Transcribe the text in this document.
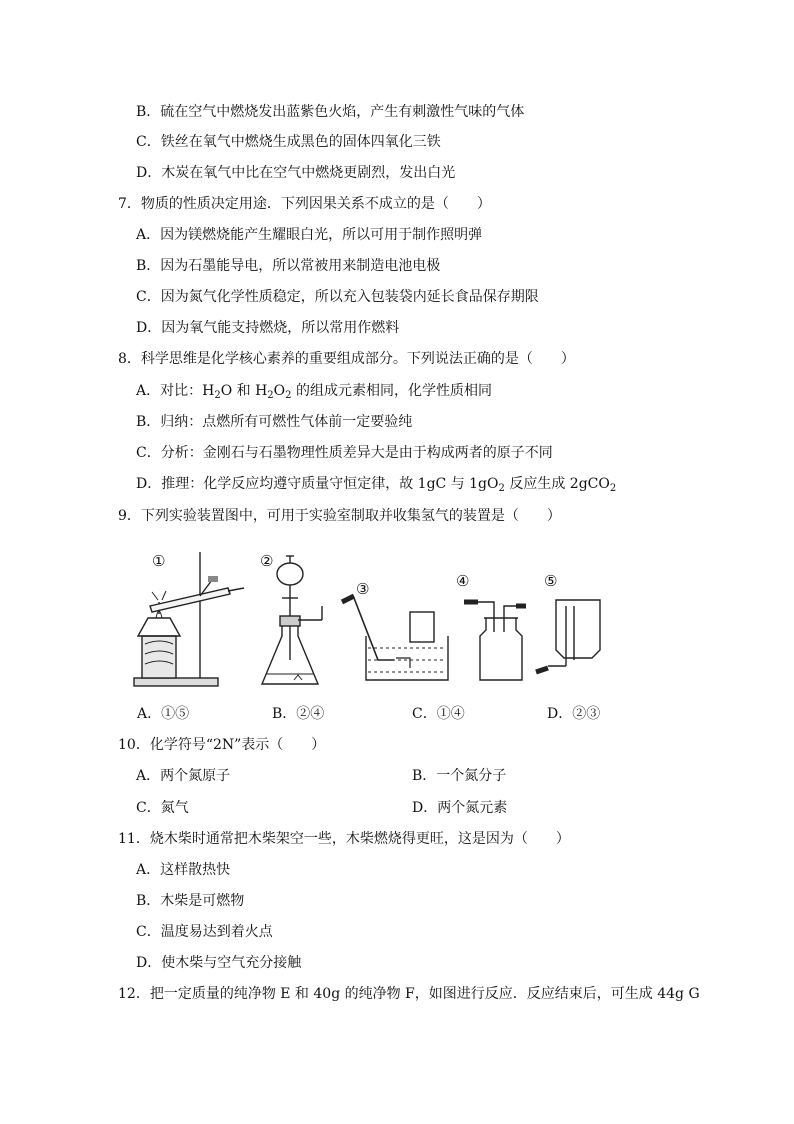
B．硫在空气中燃烧发出蓝紫色火焰，产生有刺激性气味的气体
C．铁丝在氧气中燃烧生成黑色的固体四氧化三铁
D．木炭在氧气中比在空气中燃烧更剧烈，发出白光
7．物质的性质决定用途．下列因果关系不成立的是（　　）
A．因为镁燃烧能产生耀眼白光，所以可用于制作照明弹
B．因为石墨能导电，所以常被用来制造电池电极
C．因为氮气化学性质稳定，所以充入包装袋内延长食品保存期限
D．因为氧气能支持燃烧，所以常用作燃料
8．科学思维是化学核心素养的重要组成部分。下列说法正确的是（　　）
A．对比：$H_2O$ 和 $H_2O_2$ 的组成元素相同，化学性质相同
B．归纳：点燃所有可燃性气体前一定要验纯
C．分析：金刚石与石墨物理性质差异大是由于构成两者的原子不同
D．推理：化学反应均遵守质量守恒定律，故 1gC 与 $1gO_2$ 反应生成 2gCO$_2$
9．下列实验装置图中，可用于实验室制取并收集氢气的装置是（　　）
①	②
③	④	⑤
A．①⑤	B．②④	C．①④	D．②③
10．化学符号“2N”表示（　　）
A．两个氮原子	B．一个氮分子
C．氮气	D．两个氮元素
11．烧木柴时通常把木柴架空一些，木柴燃烧得更旺，这是因为（　　）
A．这样散热快
B．木柴是可燃物
C．温度易达到着火点
D．使木柴与空气充分接触
12．把一定质量的纯净物 E 和 40g 的纯净物 F，如图进行反应．反应结束后，可生成 44g G
